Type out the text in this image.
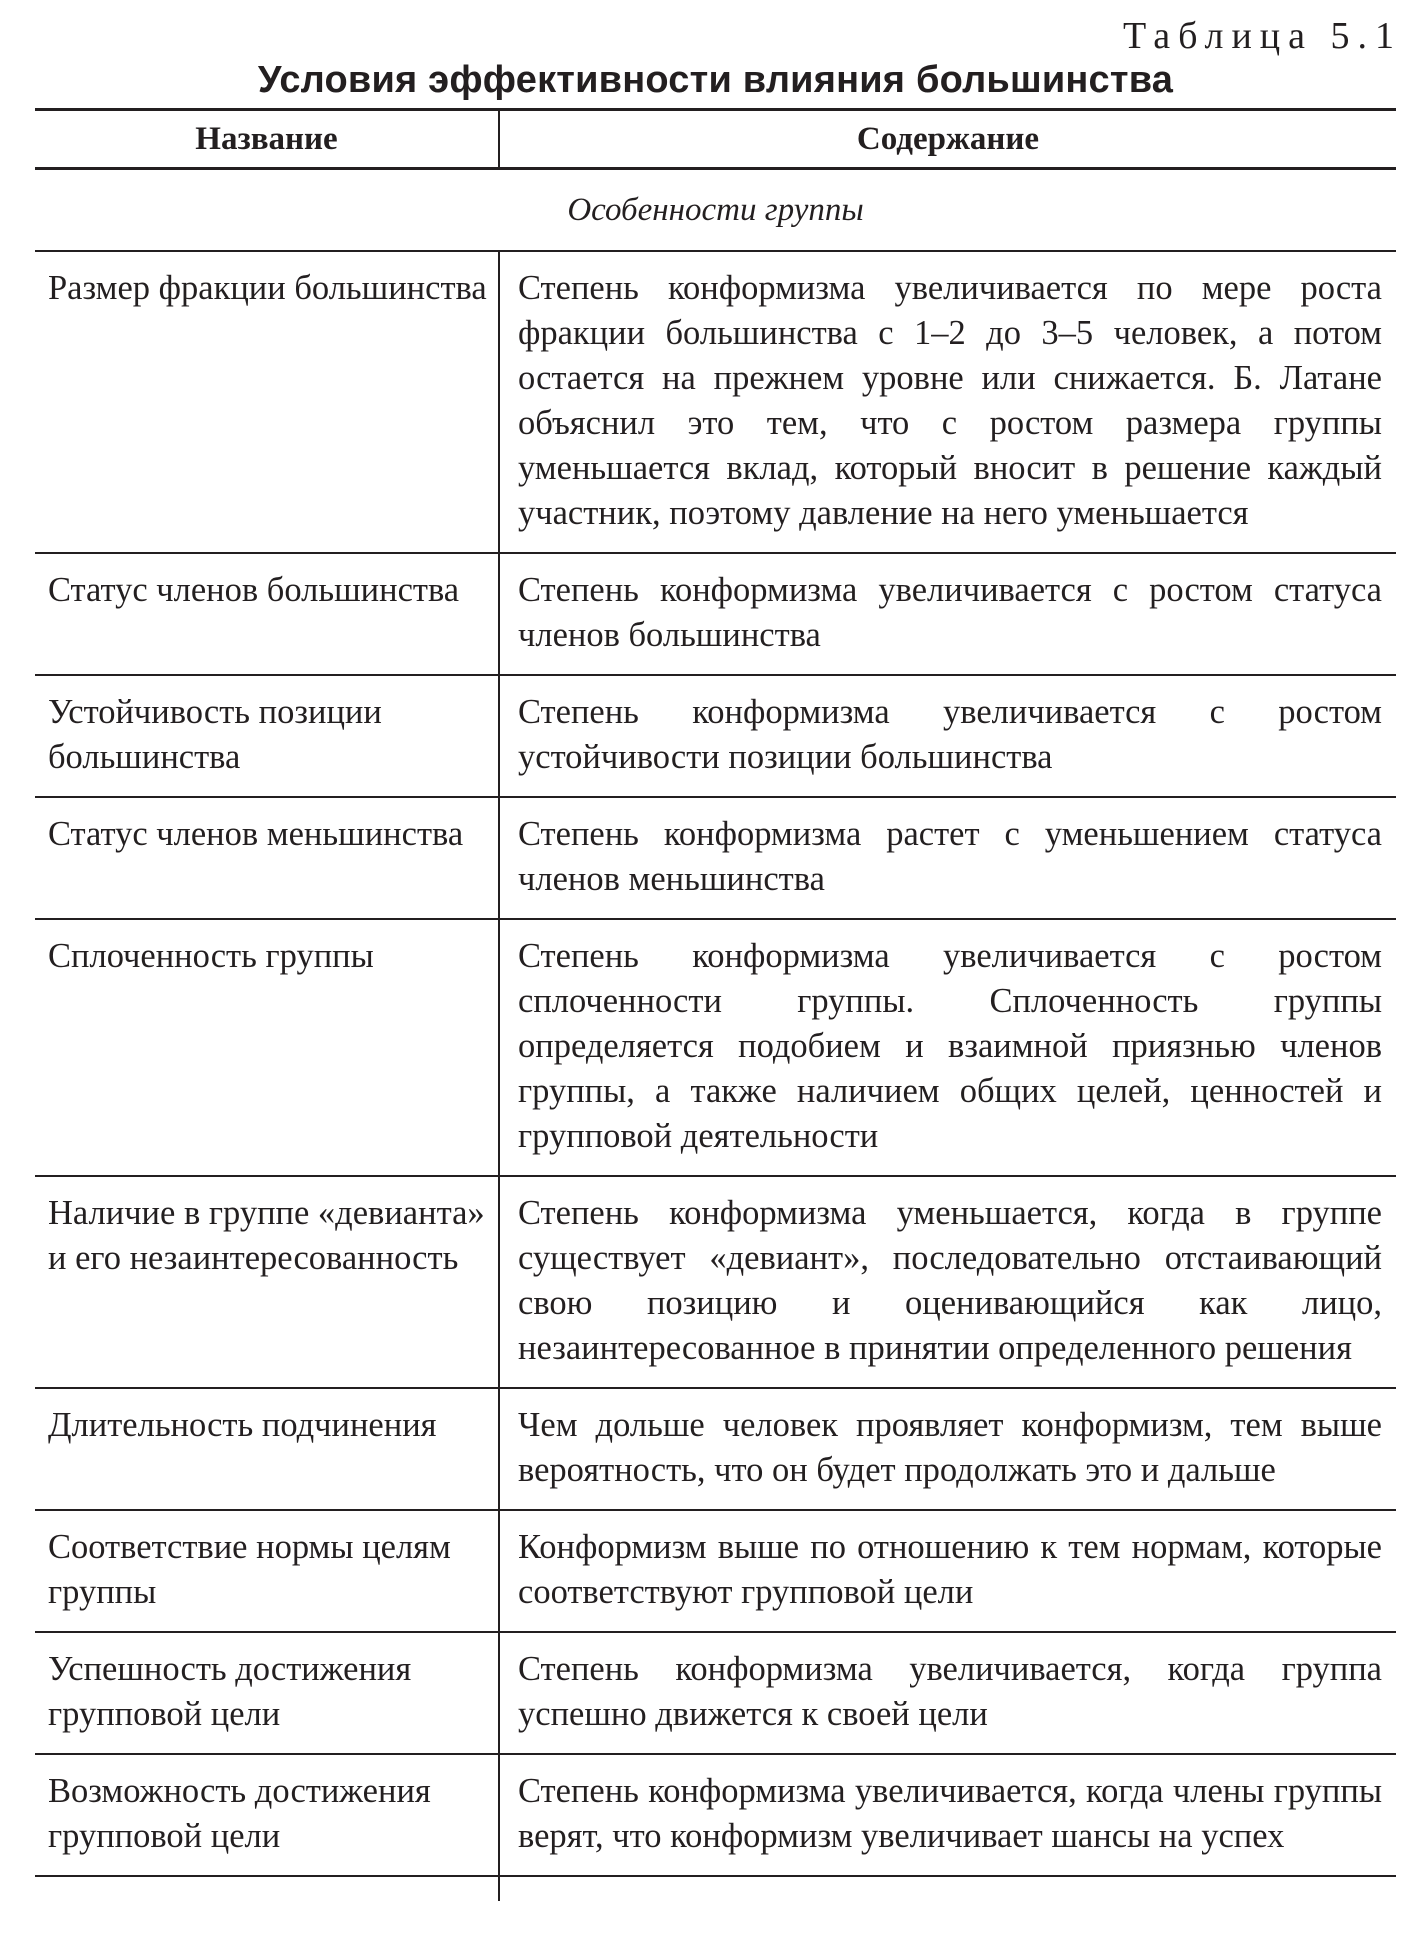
Таблица 5.1
Условия эффективности влияния большинства
Название	Содержание
Особенности группы	
Размер фракции большинства	Степень конформизма увеличивается по мере роста фракции большинства с 1–2 до 3–5 человек, а потом остается на прежнем уровне или снижается. Б. Латане объяснил это тем, что с ростом размера группы уменьшается вклад, который вносит в решение каждый участник, поэтому давление на него уменьшается
Статус членов большинства	Степень конформизма увеличивается с ростом статуса членов большинства
Устойчивость позиции большинства	Степень конформизма увеличивается с ростом устойчивости позиции большинства
Статус членов меньшинства	Степень конформизма растет с уменьшением статуса членов меньшинства
Сплоченность группы	Степень конформизма увеличивается с ростом сплоченности группы. Сплоченность группы определяется подобием и взаимной приязнью членов группы, а также наличием общих целей, ценностей и групповой деятельности
Наличие в группе «девианта» и его незаинтересованность	Степень конформизма уменьшается, когда в группе существует «девиант», последовательно отстаивающий свою позицию и оценивающийся как лицо, незаинтересованное в принятии определенного решения
Длительность подчинения	Чем дольше человек проявляет конформизм, тем выше вероятность, что он будет продолжать это и дальше
Соответствие нормы целям группы	Конформизм выше по отношению к тем нормам, которые соответствуют групповой цели
Успешность достижения групповой цели	Степень конформизма увеличивается, когда группа успешно движется к своей цели
Возможность достижения групповой цели	Степень конформизма увеличивается, когда члены группы верят, что конформизм увеличивает шансы на успех
